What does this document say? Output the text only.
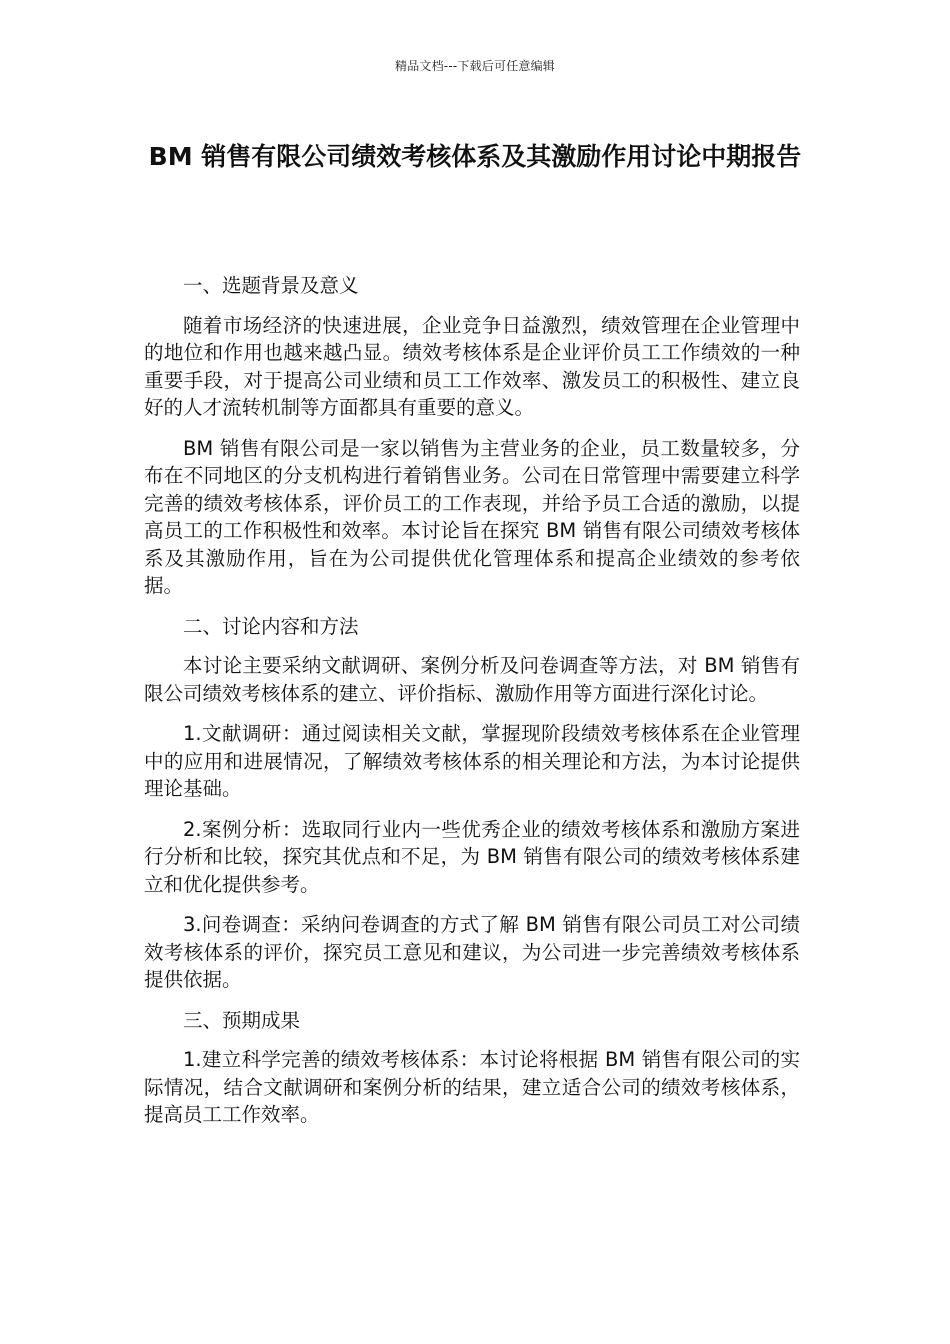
精品文档---下载后可任意编辑
BM 销售有限公司绩效考核体系及其激励作用讨论中期报告

一、选题背景及意义

随着市场经济的快速进展，企业竞争日益激烈，绩效管理在企业管理中的地位和作用也越来越凸显。绩效考核体系是企业评价员工工作绩效的一种重要手段，对于提高公司业绩和员工工作效率、激发员工的积极性、建立良好的人才流转机制等方面都具有重要的意义。

BM 销售有限公司是一家以销售为主营业务的企业，员工数量较多，分布在不同地区的分支机构进行着销售业务。公司在日常管理中需要建立科学完善的绩效考核体系，评价员工的工作表现，并给予员工合适的激励，以提高员工的工作积极性和效率。本讨论旨在探究 BM 销售有限公司绩效考核体系及其激励作用，旨在为公司提供优化管理体系和提高企业绩效的参考依据。

二、讨论内容和方法

本讨论主要采纳文献调研、案例分析及问卷调查等方法，对 BM 销售有限公司绩效考核体系的建立、评价指标、激励作用等方面进行深化讨论。

1.文献调研：通过阅读相关文献，掌握现阶段绩效考核体系在企业管理中的应用和进展情况，了解绩效考核体系的相关理论和方法，为本讨论提供理论基础。

2.案例分析：选取同行业内一些优秀企业的绩效考核体系和激励方案进行分析和比较，探究其优点和不足，为 BM 销售有限公司的绩效考核体系建立和优化提供参考。

3.问卷调查：采纳问卷调查的方式了解 BM 销售有限公司员工对公司绩效考核体系的评价，探究员工意见和建议，为公司进一步完善绩效考核体系提供依据。

三、预期成果

1.建立科学完善的绩效考核体系：本讨论将根据 BM 销售有限公司的实际情况，结合文献调研和案例分析的结果，建立适合公司的绩效考核体系，提高员工工作效率。
